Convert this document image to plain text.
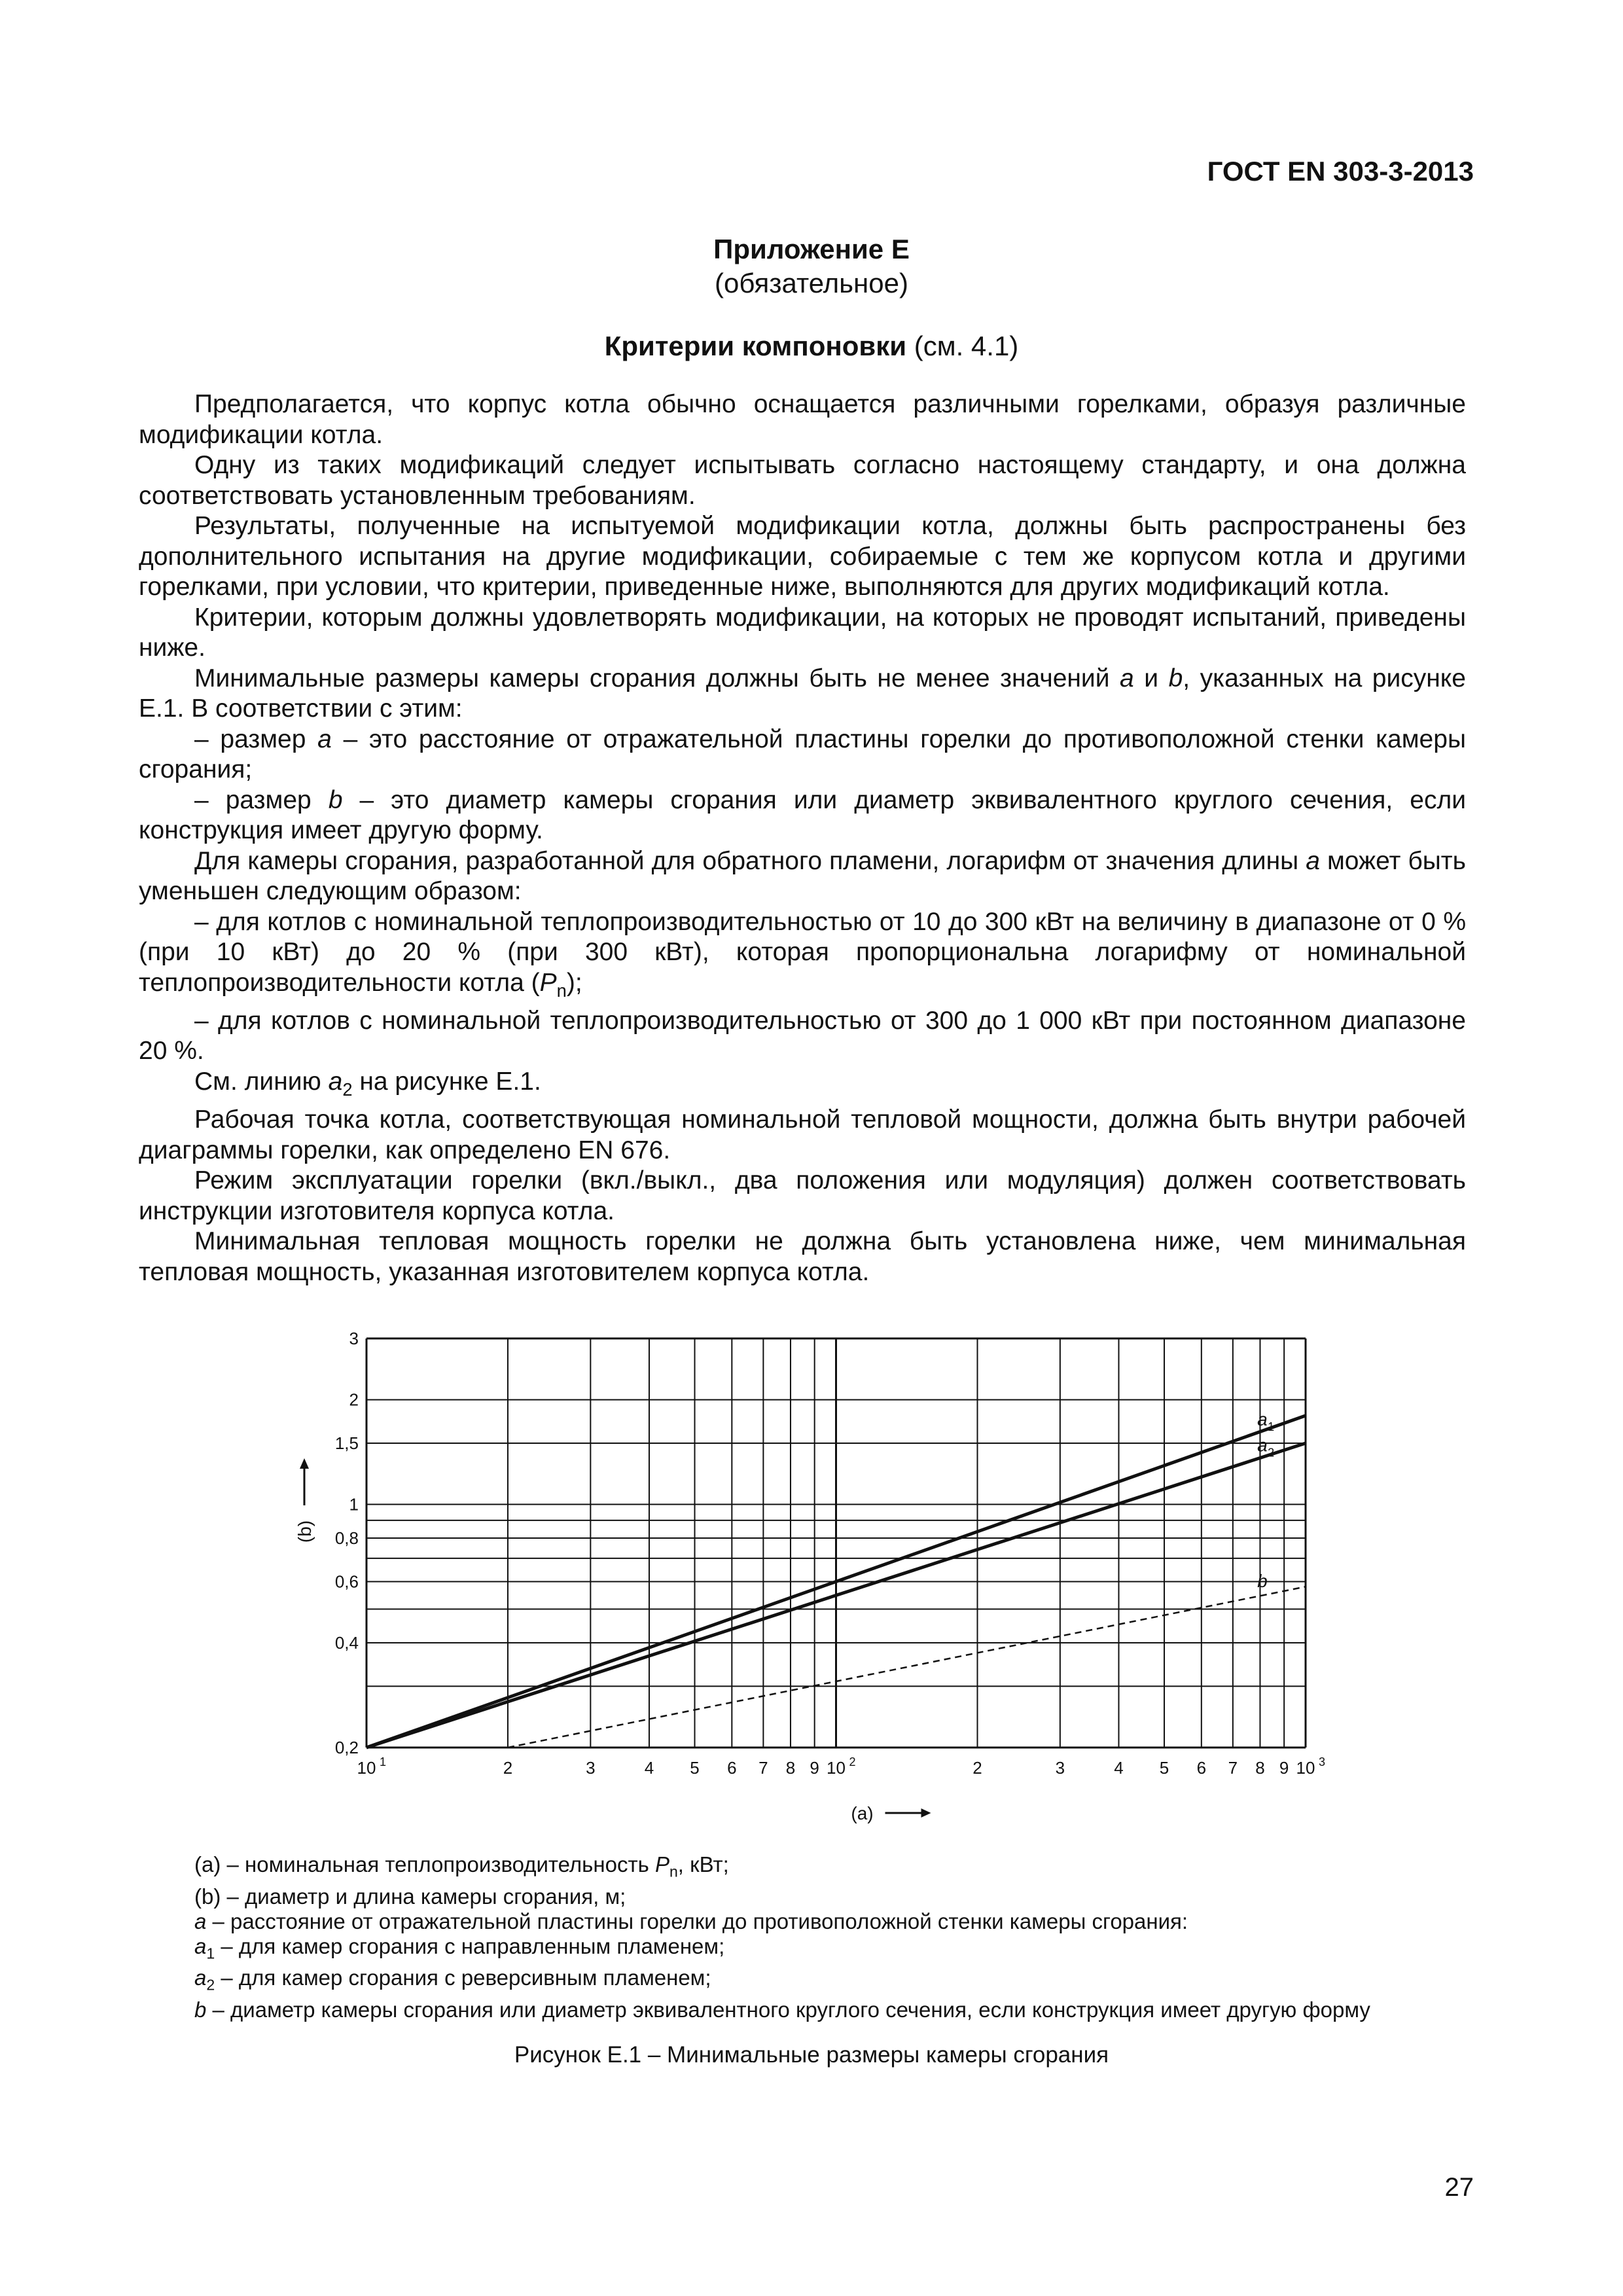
ГОСТ EN 303-3-2013
Приложение Е
(обязательное)
Критерии компоновки (см. 4.1)

Предполагается, что корпус котла обычно оснащается различными горелками, образуя различные модификации котла.

Одну из таких модификаций следует испытывать согласно настоящему стандарту, и она должна соответствовать установленным требованиям.

Результаты, полученные на испытуемой модификации котла, должны быть распространены без дополнительного испытания на другие модификации, собираемые с тем же корпусом котла и другими горелками, при условии, что критерии, приведенные ниже, выполняются для других модификаций котла.

Критерии, которым должны удовлетворять модификации, на которых не проводят испытаний, приведены ниже.

Минимальные размеры камеры сгорания должны быть не менее значений a и b, указанных на рисунке Е.1. В соответствии с этим:

– размер a – это расстояние от отражательной пластины горелки до противоположной стенки камеры сгорания;

– размер b – это диаметр камеры сгорания или диаметр эквивалентного круглого сечения, если конструкция имеет другую форму.

Для камеры сгорания, разработанной для обратного пламени, логарифм от значения длины a может быть уменьшен следующим образом:

– для котлов с номинальной теплопроизводительностью от 10 до 300 кВт на величину в диапазоне от 0 % (при 10 кВт) до 20 % (при 300 кВт), которая пропорциональна логарифму от номинальной теплопроизводительности котла $(P_n)$;

– для котлов с номинальной теплопроизводительностью от 300 до 1 000 кВт при постоянном диапазоне 20 %.

См. линию $a_2$ на рисунке Е.1.

Рабочая точка котла, соответствующая номинальной тепловой мощности, должна быть внутри рабочей диаграммы горелки, как определено EN 676.

Режим эксплуатации горелки (вкл./выкл., два положения или модуляция) должен соответствовать инструкции изготовителя корпуса котла.

Минимальная тепловая мощность горелки не должна быть установлена ниже, чем минимальная тепловая мощность, указанная изготовителем корпуса котла.

10	2	3	4 5 6 7 8 9 10	2	3	4 5 6 7 8 9 10
1	2	3
0,2
0,4
0,6
0,8
1
1,5
2
3
(a)
(b)
a 1
a 2
b
(а) – номинальная теплопроизводительность $P_n$, кВт;
(b) – диаметр и длина камеры сгорания, м;
a – расстояние от отражательной пластины горелки до противоположной стенки камеры сгорания:
$a_1$ – для камер сгорания с направленным пламенем;
$a_2$ – для камер сгорания с реверсивным пламенем;
b – диаметр камеры сгорания или диаметр эквивалентного круглого сечения, если конструкция имеет другую форму
Рисунок Е.1 – Минимальные размеры камеры сгорания
27
